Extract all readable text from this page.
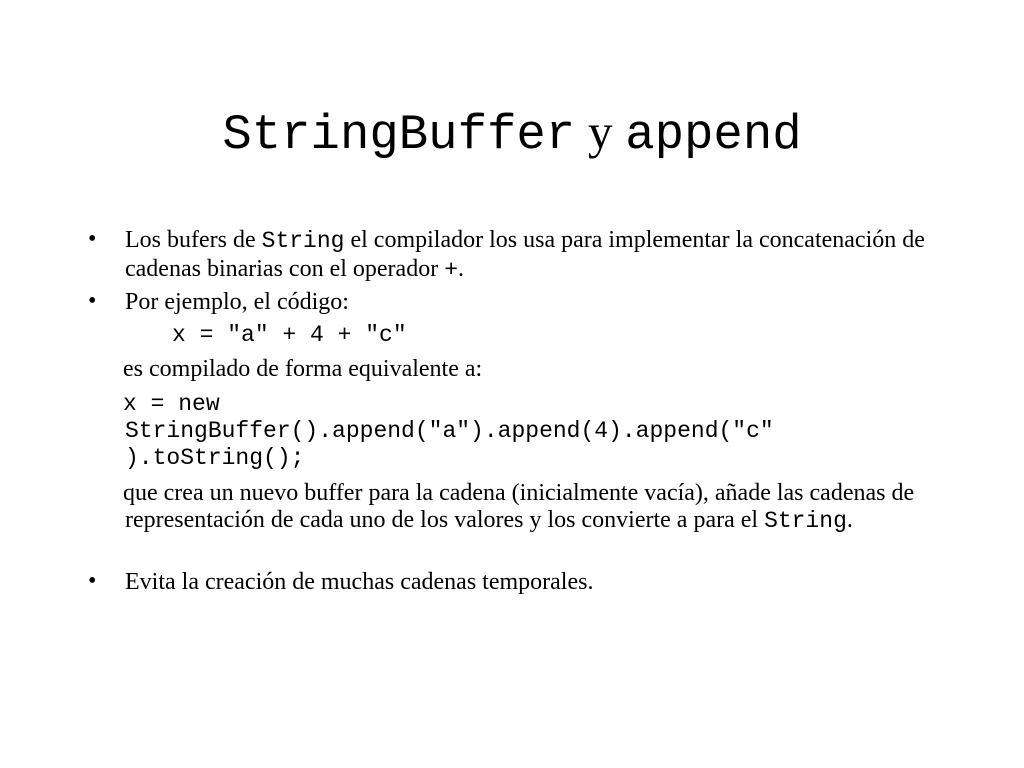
StringBuffer y append
• Los bufers de String el compilador los usa para implementar la concatenación de cadenas binarias con el operador +.
• Por ejemplo, el código:
x = "a" + 4 + "c"
es compilado de forma equivalente a:
x = new
StringBuffer().append("a").append(4).append("c"
).toString();
que crea un nuevo buffer para la cadena (inicialmente vacía), añade las cadenas de representación de cada uno de los valores y los convierte a para el String.
• Evita la creación de muchas cadenas temporales.
